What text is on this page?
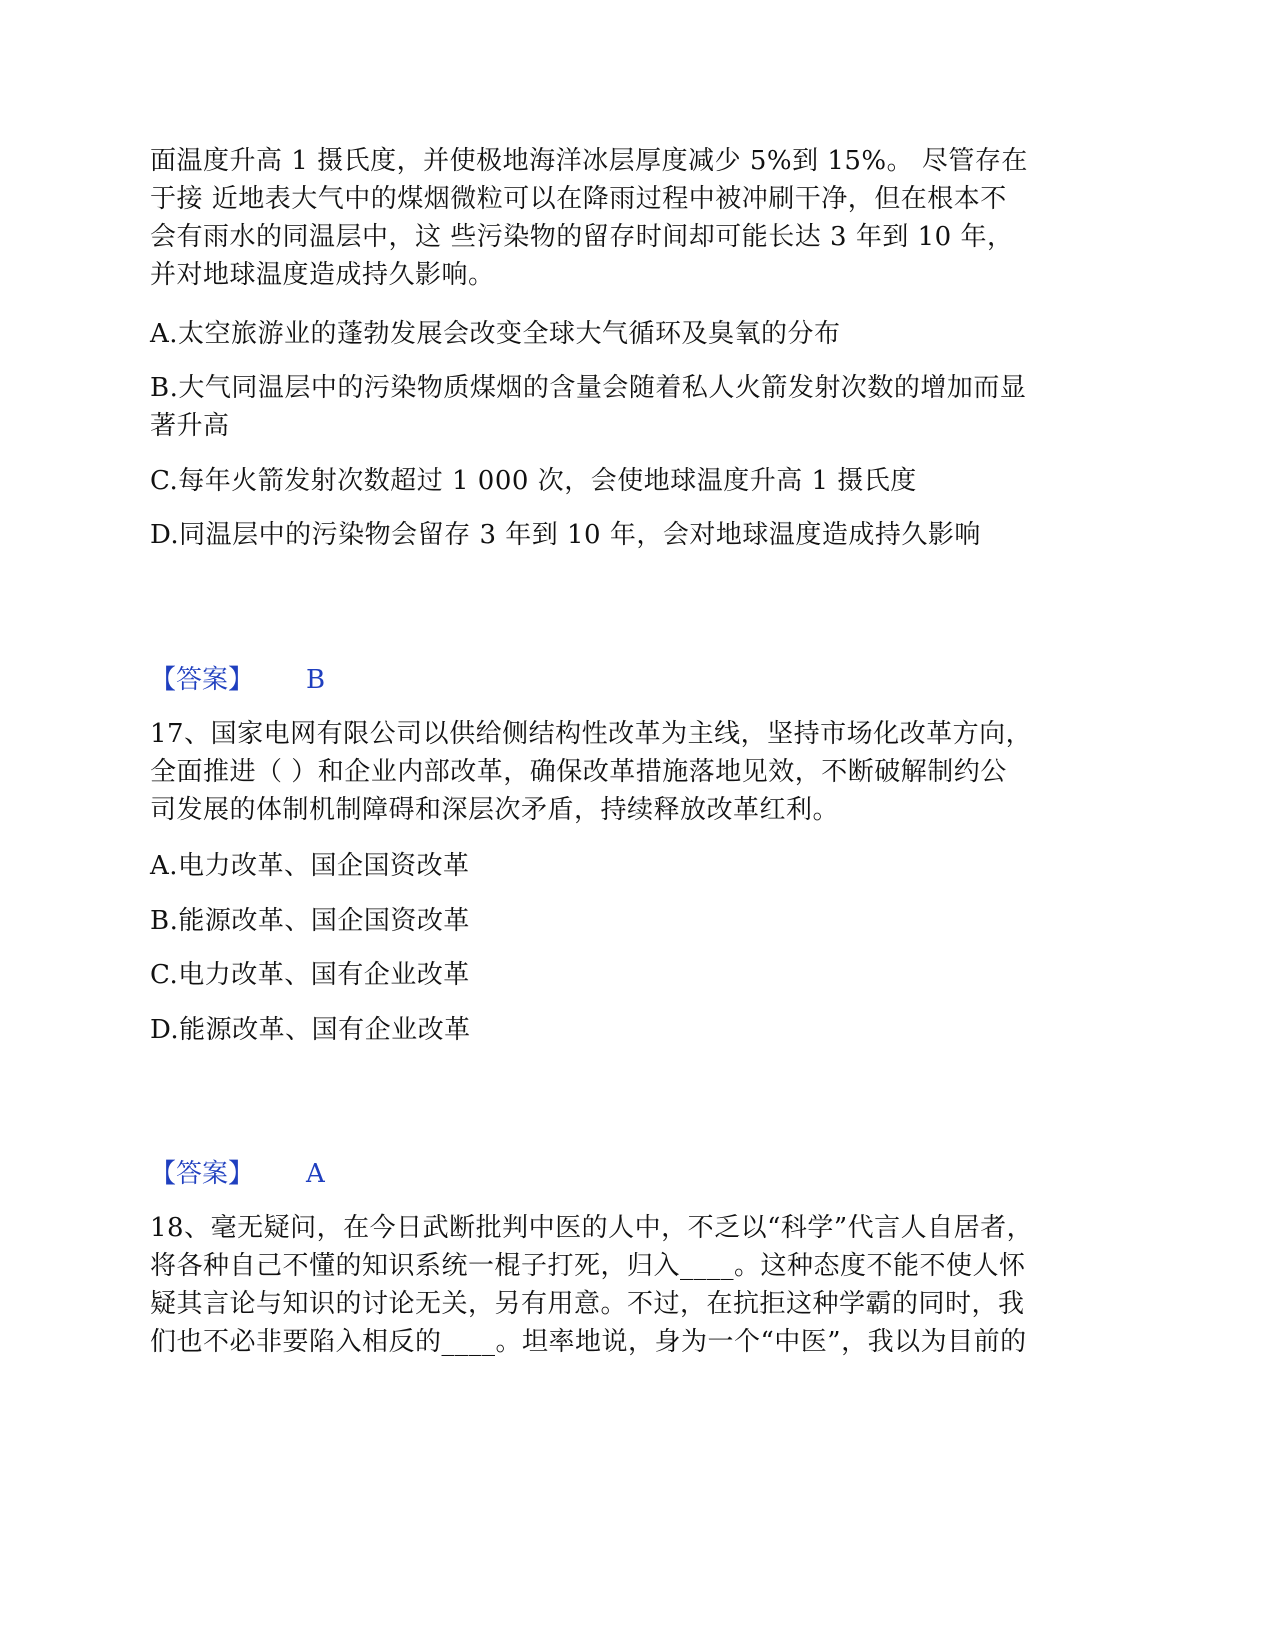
面温度升高 1 摄氏度，并使极地海洋冰层厚度减少 5%到 15%。 尽管存在
于接 近地表大气中的煤烟微粒可以在降雨过程中被冲刷干净，但在根本不
会有雨水的同温层中，这 些污染物的留存时间却可能长达 3 年到 10 年，
并对地球温度造成持久影响。
A.太空旅游业的蓬勃发展会改变全球大气循环及臭氧的分布
B.大气同温层中的污染物质煤烟的含量会随着私人火箭发射次数的增加而显
著升高
C.每年火箭发射次数超过 1 000 次，会使地球温度升高 1 摄氏度
D.同温层中的污染物会留存 3 年到 10 年，会对地球温度造成持久影响
【答案】 B
17、国家电网有限公司以供给侧结构性改革为主线，坚持市场化改革方向，
全面推进（ ）和企业内部改革，确保改革措施落地见效，不断破解制约公
司发展的体制机制障碍和深层次矛盾，持续释放改革红利。
A.电力改革、国企国资改革
B.能源改革、国企国资改革
C.电力改革、国有企业改革
D.能源改革、国有企业改革
【答案】 A
18、毫无疑问，在今日武断批判中医的人中，不乏以“科学”代言人自居者，
将各种自己不懂的知识系统一棍子打死，归入____。这种态度不能不使人怀
疑其言论与知识的讨论无关，另有用意。不过，在抗拒这种学霸的同时，我
们也不必非要陷入相反的____。坦率地说，身为一个“中医”，我以为目前的
